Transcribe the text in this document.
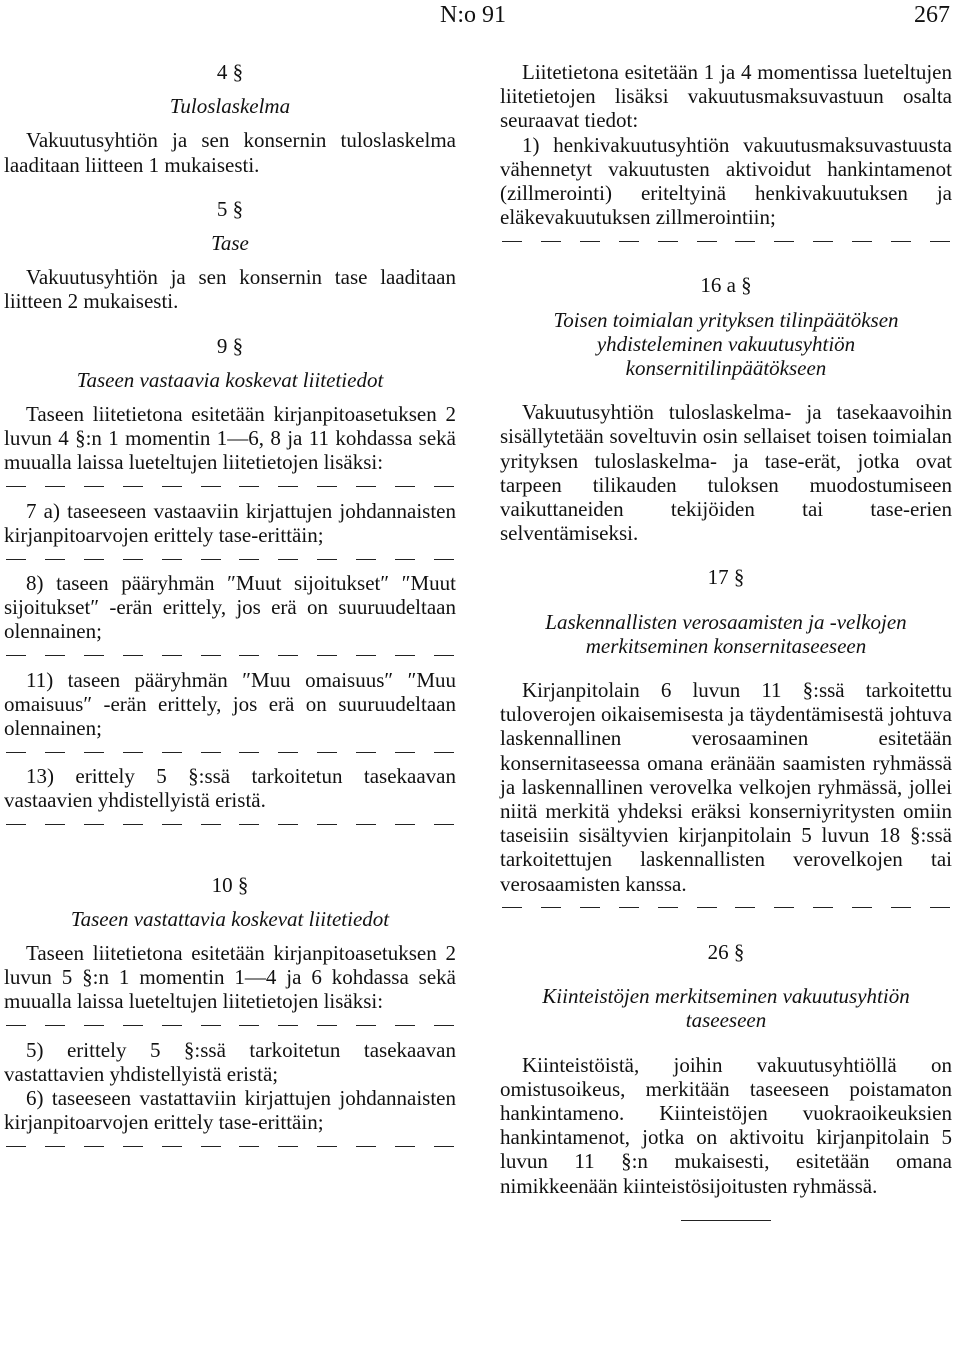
N:o 91	267

4 §

Tuloslaskelma

Vakuutusyhtiön ja sen konsernin tuloslaskelma laaditaan liitteen 1 mukaisesti.

5 §

Tase

Vakuutusyhtiön ja sen konsernin tase laaditaan liitteen 2 mukaisesti.

9 §

Taseen vastaavia koskevat liitetiedot

Taseen liitetietona esitetään kirjanpitoasetuksen 2 luvun 4 §:n 1 momentin 1—6, 8 ja 11 kohdassa sekä muualla laissa lueteltujen liitetietojen lisäksi:

7 a) taseeseen vastaaviin kirjattujen johdannaisten kirjanpitoarvojen erittely tase-erittäin;

8) taseen pääryhmän ″Muut sijoitukset″ ″Muut sijoitukset″ -erän erittely, jos erä on suuruudeltaan olennainen;

11) taseen pääryhmän ″Muu omaisuus″ ″Muu omaisuus″ -erän erittely, jos erä on suuruudeltaan olennainen;

13) erittely 5 §:ssä tarkoitetun tasekaavan vastaavien yhdistellyistä eristä.

10 §

Taseen vastattavia koskevat liitetiedot

Taseen liitetietona esitetään kirjanpitoasetuksen 2 luvun 5 §:n 1 momentin 1—4 ja 6 kohdassa sekä muualla laissa lueteltujen liitetietojen lisäksi:

5) erittely 5 §:ssä tarkoitetun tasekaavan vastattavien yhdistellyistä eristä;

6) taseeseen vastattaviin kirjattujen johdannaisten kirjanpitoarvojen erittely tase-erittäin;

Liitetietona esitetään 1 ja 4 momentissa lueteltujen liitetietojen lisäksi vakuutusmaksuvastuun osalta seuraavat tiedot:

1) henkivakuutusyhtiön vakuutusmaksuvastuusta vähennetyt vakuutusten aktivoidut hankintamenot (zillmerointi) eriteltyinä henkivakuutuksen ja eläkevakuutuksen zillmerointiin;

16 a §

Toisen toimialan yrityksen tilinpäätöksen yhdisteleminen vakuutusyhtiön konsernitilinpäätökseen

Vakuutusyhtiön tuloslaskelma- ja tasekaavoihin sisällytetään soveltuvin osin sellaiset toisen toimialan yrityksen tuloslaskelma- ja tase-erät, jotka ovat tarpeen tilikauden tuloksen muodostumiseen vaikuttaneiden tekijöiden tai tase-erien selventämiseksi.

17 §

Laskennallisten verosaamisten ja -velkojen merkitseminen konsernitaseeseen

Kirjanpitolain 6 luvun 11 §:ssä tarkoitettu tuloverojen oikaisemisesta ja täydentämisestä johtuva laskennallinen verosaaminen esitetään konsernitaseessa omana eränään saamisten ryhmässä ja laskennallinen verovelka velkojen ryhmässä, jollei niitä merkitä yhdeksi eräksi konserniyritysten omiin taseisiin sisältyvien kirjanpitolain 5 luvun 18 §:ssä tarkoitettujen laskennallisten verovelkojen tai verosaamisten kanssa.

26 §

Kiinteistöjen merkitseminen vakuutusyhtiön taseeseen

Kiinteistöistä, joihin vakuutusyhtiöllä on omistusoikeus, merkitään taseeseen poistamaton hankintameno. Kiinteistöjen vuokraoikeuksien hankintamenot, jotka on aktivoitu kirjanpitolain 5 luvun 11 §:n mukaisesti, esitetään omana nimikkeenään kiinteistösijoitusten ryhmässä.
